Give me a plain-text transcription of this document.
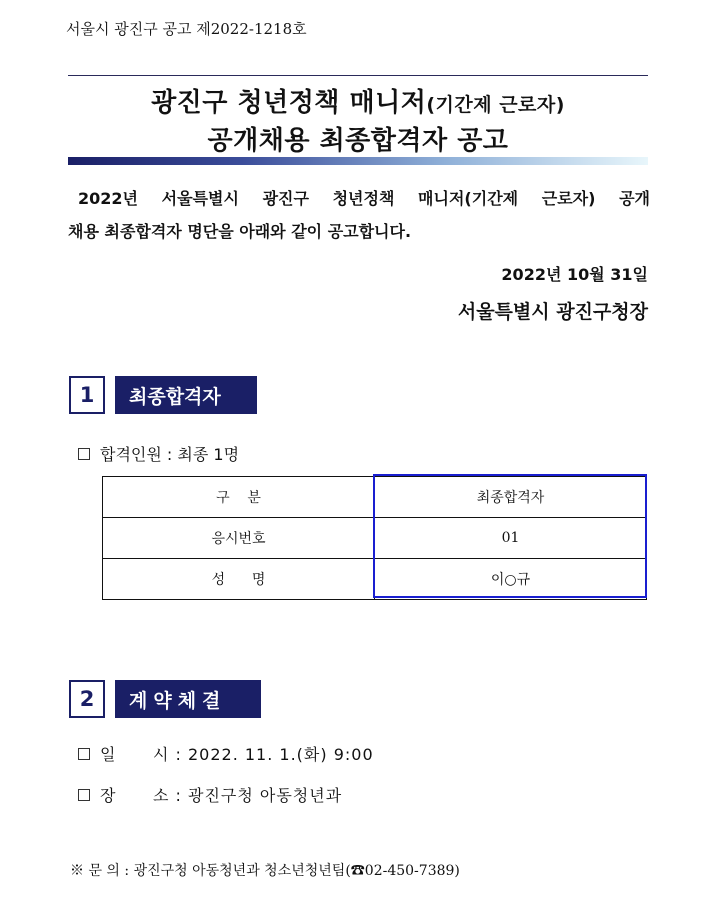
서울시 광진구 공고 제2022-1218호
광진구 청년정책 매니저(기간제 근로자)
공개채용 최종합격자 공고
2022년 서울특별시 광진구 청년정책 매니저(기간제 근로자) 공개
채용 최종합격자 명단을 아래와 같이 공고합니다.
2022년 10월 31일
서울특별시 광진구청장
1	최종합격자
합격인원 : 최종 1명
구    분	최종합격자
응시번호	01
성      명	이○규
2	계약체결
일      시 : 2022. 11. 1.(화) 9:00
장      소 : 광진구청 아동청년과
※ 문 의 : 광진구청 아동청년과 청소년청년팀(☎02-450-7389)
